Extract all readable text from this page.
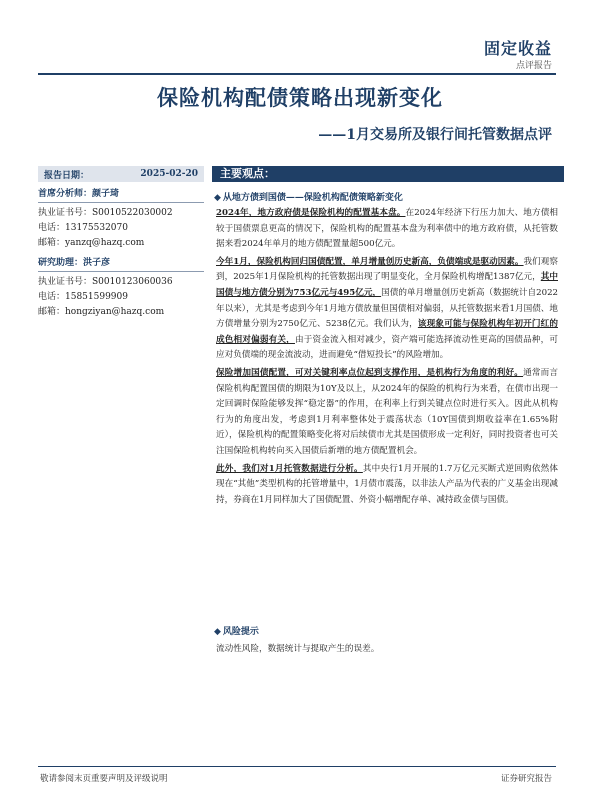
固定收益
点评报告
保险机构配债策略出现新变化
——1月交易所及银行间托管数据点评
报告日期：	2025-02-20
首席分析师：颜子琦
执业证书号：S0010522030002
电话：13175532070
邮箱：yanzq@hazq.com
研究助理：洪子彦
执业证书号：S0010123060036
电话：15851599909
邮箱：hongziyan@hazq.com
主要观点：
◆ 从地方债到国债——保险机构配债策略新变化

2024年，地方政府债是保险机构的配置基本盘。在2024年经济下行压力加大、地方债相较于国债票息更高的情况下，保险机构的配置基本盘为利率债中的地方政府债，从托管数据来看2024年单月的地方债配置量超500亿元。

今年1月，保险机构回归国债配置，单月增量创历史新高，负债端或是驱动因素。我们观察到，2025年1月保险机构的托管数据出现了明显变化，全月保险机构增配1387亿元，其中国债与地方债分别为753亿元与495亿元，国债的单月增量创历史新高（数据统计自2022年以来），尤其是考虑到今年1月地方债放量但国债相对偏弱，从托管数据来看1月国债、地方债增量分别为2750亿元、5238亿元。我们认为，该现象可能与保险机构年初开门红的成色相对偏弱有关，由于资金流入相对减少，资产端可能选择流动性更高的国债品种，可应对负债端的现金流波动，进而避免“借短投长”的风险增加。

保险增加国债配置，可对关键利率点位起到支撑作用，是机构行为角度的利好。通常而言保险机构配置国债的期限为10Y及以上，从2024年的保险的机构行为来看，在债市出现一定回调时保险能够发挥“稳定器”的作用，在利率上行到关键点位时进行买入。因此从机构行为的角度出发，考虑到1月利率整体处于震荡状态（10Y国债到期收益率在1.65%附近），保险机构的配置策略变化将对后续债市尤其是国债形成一定利好，同时投资者也可关注国保险机构转向买入国债后新增的地方债配置机会。

此外，我们对1月托管数据进行分析。其中央行1月开展的1.7万亿元买断式逆回购依然体现在“其他”类型机构的托管增量中，1月债市震荡，以非法人产品为代表的广义基金出现减持，券商在1月同样加大了国债配置、外资小幅增配存单、减持政金债与国债。

◆ 风险提示
流动性风险，数据统计与提取产生的误差。
敬请参阅末页重要声明及评级说明	证券研究报告
